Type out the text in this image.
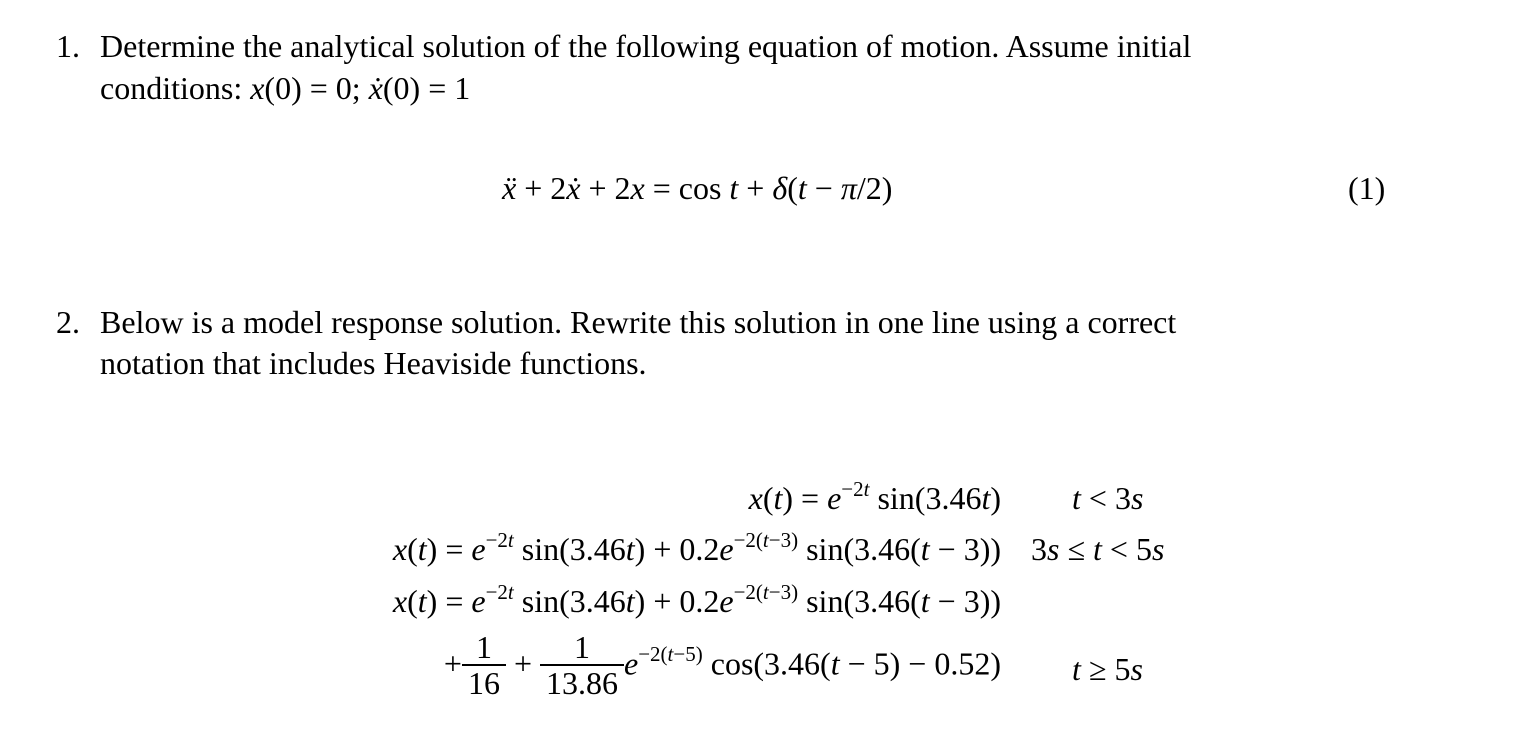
1. Determine the analytical solution of the following equation of motion. Assume initial
conditions: x(0) = 0; ẋ(0) = 1
ẍ + 2ẋ + 2x = cos t + δ(t − π/2)	(1)
2. Below is a model response solution. Rewrite this solution in one line using a correct
notation that includes Heaviside functions.
$x(t) = e^{-2t}$ sin(3.46t) t < 3s
$x(t) = e^{-2t}$ $\sin(3.46t) + 0.2e^{-2(t-3)}$ sin(3.46(t − 3)) 3s ≤ t < 5s
$x(t) = e^{-2t}$ $\sin(3.46t) + 0.2e^{-2(t-3)}$ sin(3.46(t − 3))
+ $\frac{1}{16} + \frac{1}{13.86} e^{-2(t-5)}$ cos(3.46(t − 5) − 0.52) t ≥ 5s
